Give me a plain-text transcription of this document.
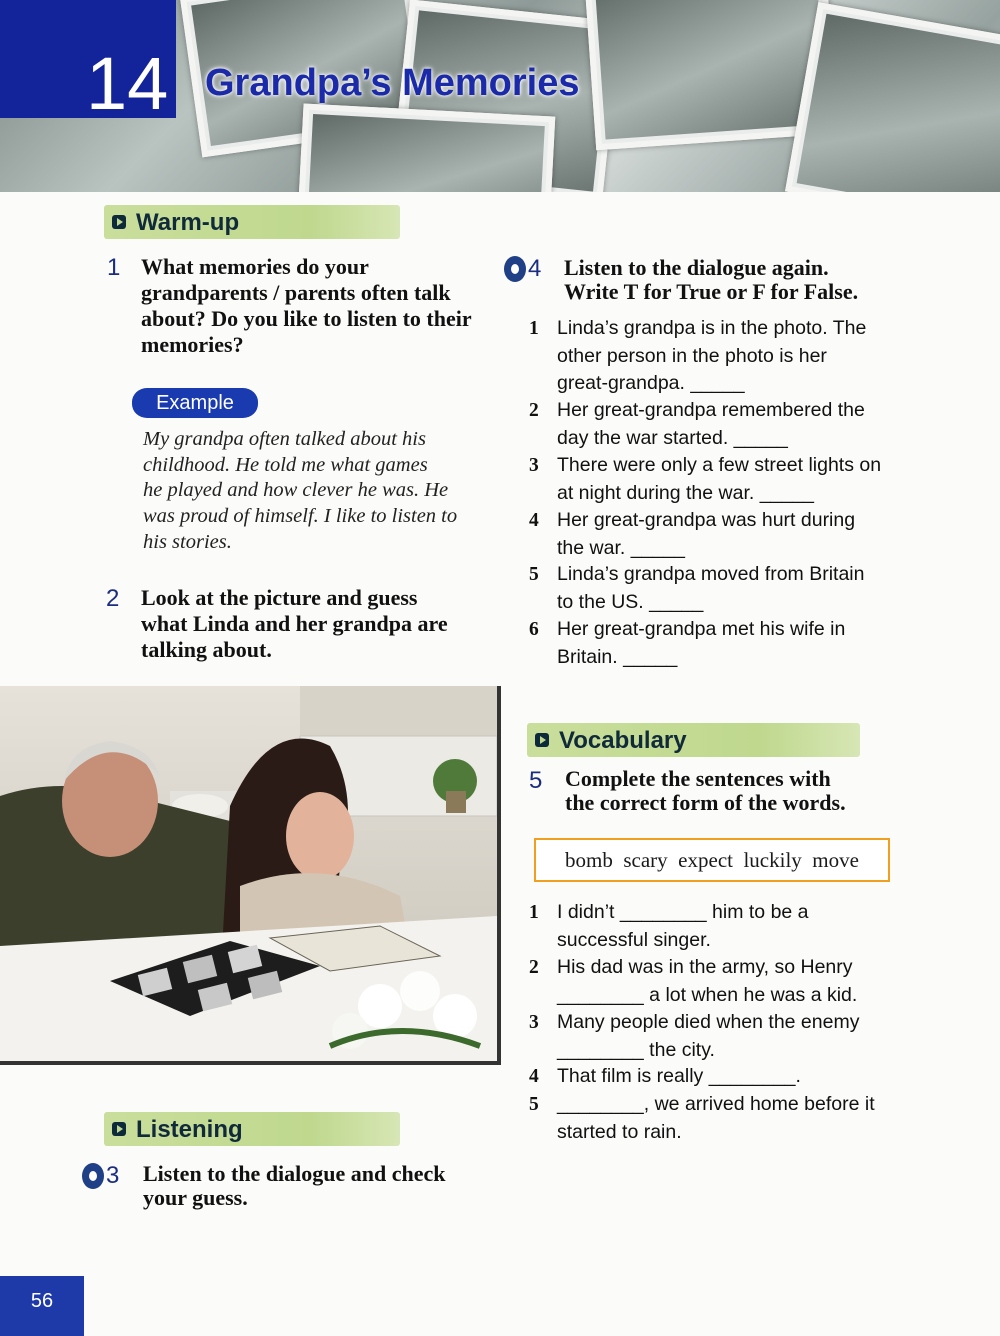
14 Grandpa’s Memories
Warm-up
1 What memories do your grandparents / parents often talk about? Do you like to listen to their memories?
Example
My grandpa often talked about his
childhood. He told me what games
he played and how clever he was. He
was proud of himself. I like to listen to
his stories.
2 Look at the picture and guess
what Linda and her grandpa are
talking about.
Listening
3 Listen to the dialogue and check
your guess.
4 Listen to the dialogue again.
Write T for True or F for False.
1 Linda’s grandpa is in the photo. The
other person in the photo is her
great-grandpa. _____
2 Her great-grandpa remembered the
day the war started. _____
3 There were only a few street lights on
at night during the war. _____
4 Her great-grandpa was hurt during
the war. _____
5 Linda’s grandpa moved from Britain
to the US. _____
6 Her great-grandpa met his wife in
Britain. _____
Vocabulary
5 Complete the sentences with
the correct form of the words.
bomb  scary  expect  luckily  move
1 I didn’t ________ him to be a
successful singer.
2 His dad was in the army, so Henry
________ a lot when he was a kid.
3 Many people died when the enemy
________ the city.
4 That film is really ________.
5 ________, we arrived home before it
started to rain.
56
